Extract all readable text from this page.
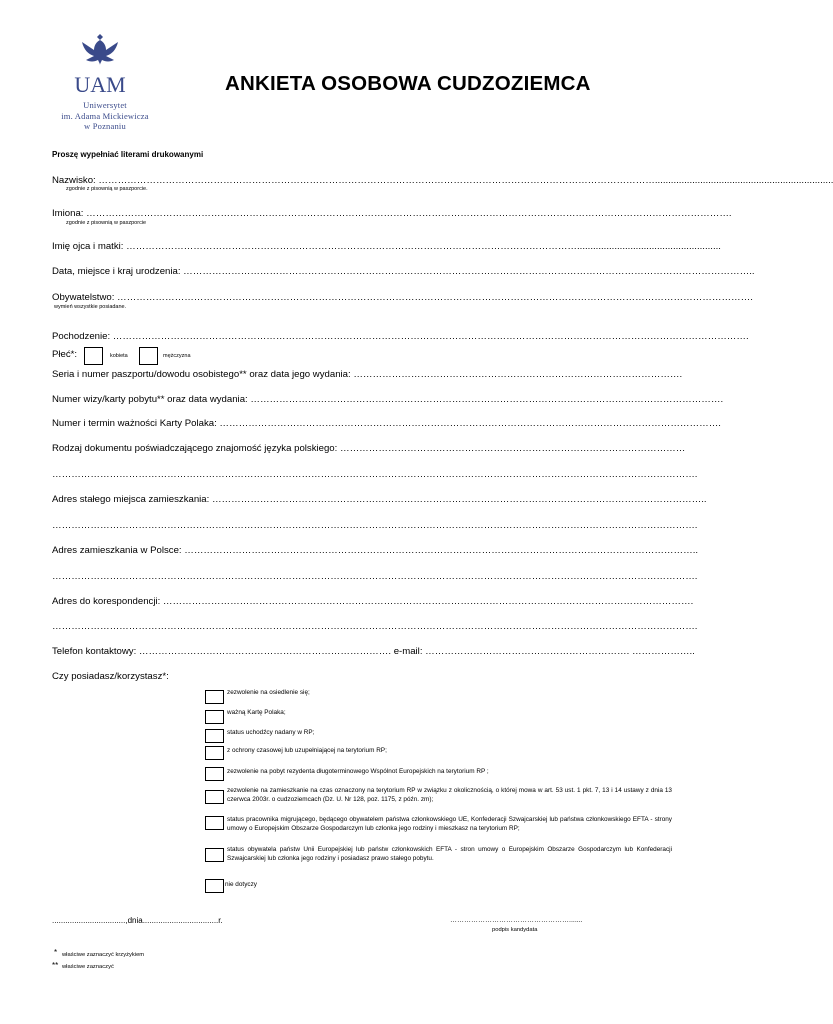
UAM
Uniwersytet
im. Adama Mickiewicza
w Poznaniu
ANKIETA OSOBOWA CUDZOZIEMCA
Proszę wypełniać literami drukowanymi
Nazwisko: …………………………………………………………………………………………………………………………………………………………...................................................................
zgodnie z pisownią w paszporcie.
Imiona: ………………………………………………………………………………………………………………………………………………………………………………….
zgodnie z pisownią w paszporcie
Imię ojca i matki: ……………………………………………………………………………………………………………………………......................................................
Data, miejsce i kraj urodzenia: ……………………………………………………………………………………………………………………………………………………………..
Obywatelstwo: ……………………………………………………………………………………………………………………………………………………………………………….
wymień wszystkie posiadane.
Pochodzenie: ……………………………………………………………………………………………………………………………………………………………………………….
Płeć*:	kobieta	mężczyzna
Seria i numer paszportu/dowodu osobistego** oraz data jego wydania: ………………………………………………………………………………………….
Numer wizy/karty pobytu** oraz data wydania: ………………………………………………………………………………………………………………………………….
Numer i termin ważności Karty Polaka: ………………………………………………………………………………………………………………………………………….
Rodzaj dokumentu poświadczającego znajomość języka polskiego: ………………………………………………………………………………………………
………………………………………………………………………………………………………………………………………………………………………………….
Adres stałego miejsca zamieszkania: ………………………………………………………………………………………………………………………………………..
………………………………………………………………………………………………………………………………………………………………………………….
Adres zamieszkania w Polsce: ……………………………………………………………………………………………………………………………………………..
………………………………………………………………………………………………………………………………………………………………………………….
Adres do korespondencji: ………………………………………………………………………………………………………………………………………………….
………………………………………………………………………………………………………………………………………………………………………………….
Telefon kontaktowy: ……………………………………………………………………. e-mail: ………………………………………………………. ………………..
Czy posiadasz/korzystasz*:
zezwolenie na osiedlenie się;
ważną Kartę Polaka;
status uchodźcy nadany w RP;
z ochrony czasowej lub uzupełniającej na terytorium RP;
zezwolenie na pobyt rezydenta długoterminowego Wspólnot Europejskich na terytorium RP ;
zezwolenie na zamieszkanie na czas oznaczony na terytorium RP w związku z okolicznością, o której mowa w art. 53 ust. 1 pkt. 7, 13 i 14 ustawy z dnia 13 czerwca 2003r. o cudzoziemcach (Dz. U. Nr 128, poz. 1175, z późn. zm);
status pracownika migrującego, będącego obywatelem państwa członkowskiego UE, Konfederacji Szwajcarskiej lub państwa członkowskiego EFTA - strony umowy o Europejskim Obszarze Gospodarczym lub członka jego rodziny i mieszkasz na terytorium RP;
status obywatela państw Unii Europejskiej lub państw członkowskich EFTA - stron umowy o Europejskim Obszarze Gospodarczym lub Konfederacji Szwajcarskiej lub członka jego rodziny i posiadasz prawo stałego pobytu.
nie dotyczy
.................................,dnia..................................r.	…………………………………………….......
podpis kandydata
* właściwe zaznaczyć krzyżykiem
** właściwe zaznaczyć
